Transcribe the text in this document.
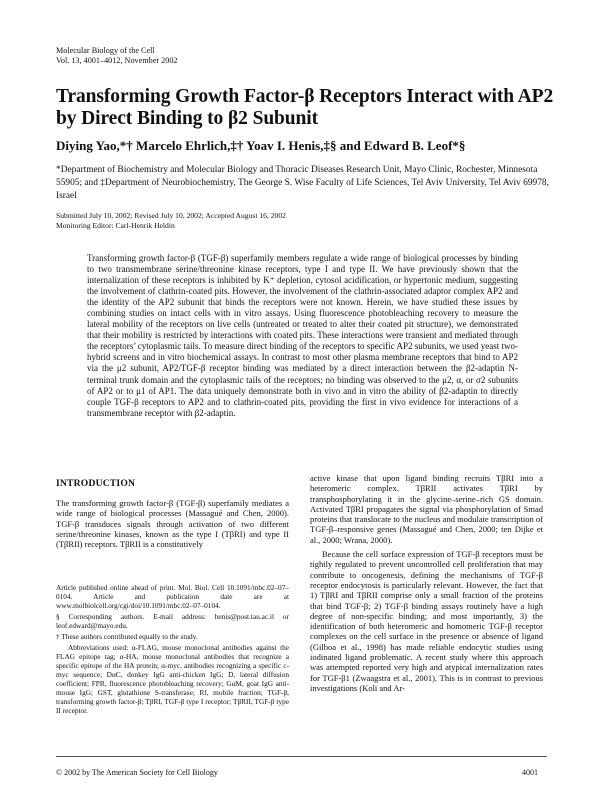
Molecular Biology of the Cell
Vol. 13, 4001–4012, November 2002
Transforming Growth Factor-β Receptors Interact with AP2 by Direct Binding to β2 Subunit
Diying Yao,*† Marcelo Ehrlich,‡† Yoav I. Henis,‡§ and Edward B. Leof*§
*Department of Biochemistry and Molecular Biology and Thoracic Diseases Research Unit, Mayo Clinic, Rochester, Minnesota 55905; and ‡Department of Neurobiochemistry, The George S. Wise Faculty of Life Sciences, Tel Aviv University, Tel Aviv 69978, Israel
Submitted July 10, 2002; Revised July 10, 2002; Accepted August 16, 2002
Monitoring Editor: Carl-Henrik Heldin
Transforming growth factor-β (TGF-β) superfamily members regulate a wide range of biological processes by binding to two transmembrane serine/threonine kinase receptors, type I and type II. We have previously shown that the internalization of these receptors is inhibited by K⁺ depletion, cytosol acidification, or hypertonic medium, suggesting the involvement of clathrin-coated pits. However, the involvement of the clathrin-associated adaptor complex AP2 and the identity of the AP2 subunit that binds the receptors were not known. Herein, we have studied these issues by combining studies on intact cells with in vitro assays. Using fluorescence photobleaching recovery to measure the lateral mobility of the receptors on live cells (untreated or treated to alter their coated pit structure), we demonstrated that their mobility is restricted by interactions with coated pits. These interactions were transient and mediated through the receptors’ cytoplasmic tails. To measure direct binding of the receptors to specific AP2 subunits, we used yeast two-hybrid screens and in vitro biochemical assays. In contrast to most other plasma membrane receptors that bind to AP2 via the μ2 subunit, AP2/TGF-β receptor binding was mediated by a direct interaction between the β2-adaptin N-terminal trunk domain and the cytoplasmic tails of the receptors; no binding was observed to the μ2, α, or σ2 subunits of AP2 or to μ1 of AP1. The data uniquely demonstrate both in vivo and in vitro the ability of β2-adaptin to directly couple TGF-β receptors to AP2 and to clathrin-coated pits, providing the first in vivo evidence for interactions of a transmembrane receptor with β2-adaptin.
INTRODUCTION

The transforming growth factor-β (TGF-β) superfamily mediates a wide range of biological processes (Massagué and Chen, 2000). TGF-β transduces signals through activation of two different serine/threonine kinases, known as the type I (TβRI) and type II (TβRII) receptors. TβRII is a constitutively

Article published online ahead of print. Mol. Biol. Cell 10.1091/mbc.02–07–0104. Article and publication date are at www.molbiolcell.org/cgi/doi/10.1091/mbc.02–07–0104.

§ Corresponding authors. E-mail address: henis@post.tau.ac.il or leof.edward@mayo.edu.

† These authors contributed equally to the study.

Abbreviations used: α-FLAG, mouse monoclonal antibodies against the FLAG epitope tag; α-HA, mouse monoclonal antibodies that recognize a specific epitope of the HA protein; α-myc, antibodies recognizing a specific c-myc sequence; DαC, donkey IgG anti-chicken IgG; D, lateral diffusion coefficient; FPR, fluorescence photobleaching recovery; GαM, goat IgG anti-mouse IgG; GST, glutathione S-transferase; Rf, mobile fraction; TGF-β, transforming growth factor-β; TβRI, TGF-β type I receptor; TβRII, TGF-β type II receptor.

active kinase that upon ligand binding recruits TβRI into a heteromeric complex. TβRII activates TβRI by transphosphorylating it in the glycine–serine–rich GS domain. Activated TβRI propagates the signal via phosphorylation of Smad proteins that translocate to the nucleus and modulate transcription of TGF-β–responsive genes (Massagué and Chen, 2000; ten Dijke et al., 2000; Wrana, 2000).

Because the cell surface expression of TGF-β receptors must be tightly regulated to prevent uncontrolled cell proliferation that may contribute to oncogenesis, defining the mechanisms of TGF-β receptor endocytosis is particularly relevant. However, the fact that 1) TβRI and TβRII comprise only a small fraction of the proteins that bind TGF-β; 2) TGF-β binding assays routinely have a high degree of non-specific binding; and most importantly, 3) the identification of both heteromeric and homomeric TGF-β receptor complexes on the cell surface in the presence or absence of ligand (Gilboa et al., 1998) has made reliable endocytic studies using iodinated ligand problematic. A recent study where this approach was attempted reported very high and atypical internalization rates for TGF-β1 (Zwaagstra et al., 2001). This is in contrast to previous investigations (Koli and Ar-

© 2002 by The American Society for Cell Biology	4001
